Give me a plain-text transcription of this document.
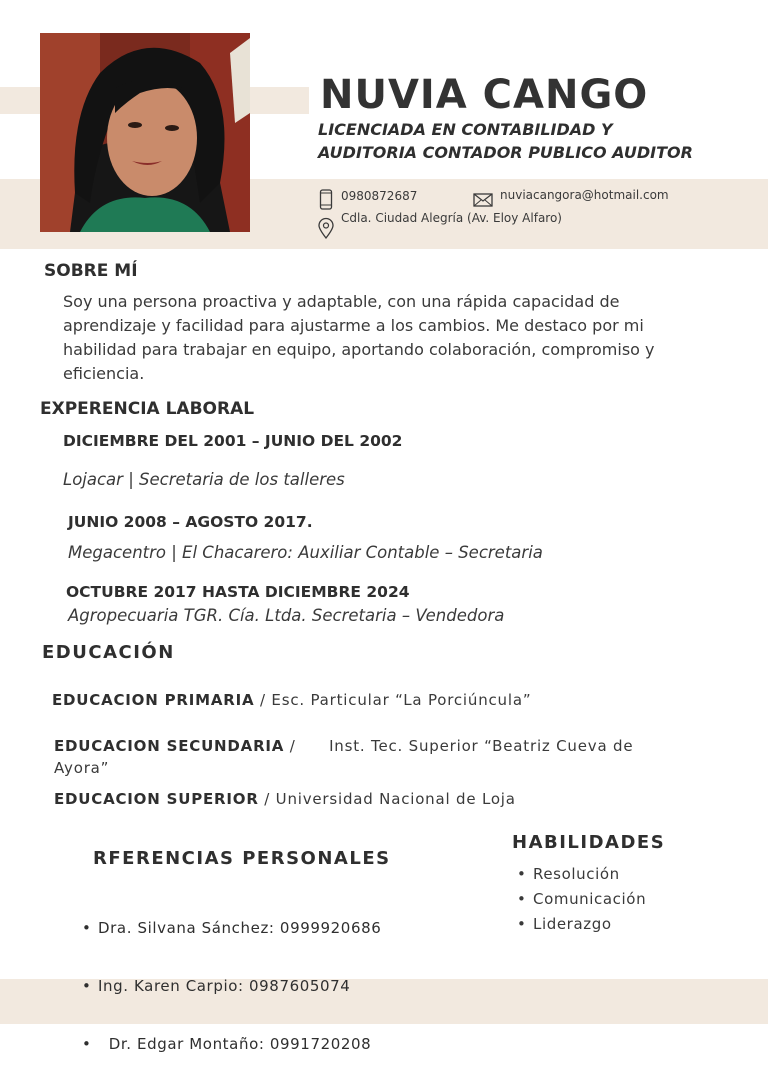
NUVIA CANGO
LICENCIADA EN CONTABILIDAD Y
AUDITORIA CONTADOR PUBLICO AUDITOR
0980872687	nuviacangora@hotmail.com
Cdla. Ciudad Alegría (Av. Eloy Alfaro)
SOBRE MÍ
Soy una persona proactiva y adaptable, con una rápida capacidad de aprendizaje y facilidad para ajustarme a los cambios. Me destaco por mi habilidad para trabajar en equipo, aportando colaboración, compromiso y eficiencia.
EXPERENCIA LABORAL
DICIEMBRE DEL 2001 – JUNIO DEL 2002
Lojacar | Secretaria de los talleres
JUNIO 2008 – AGOSTO 2017.
Megacentro | El Chacarero: Auxiliar Contable – Secretaria
OCTUBRE 2017 HASTA DICIEMBRE 2024
Agropecuaria TGR. Cía. Ltda. Secretaria – Vendedora
EDUCACIÓN
EDUCACION PRIMARIA / Esc. Particular “La Porciúncula”
EDUCACION SECUNDARIA /      Inst. Tec. Superior “Beatriz Cueva de Ayora”
EDUCACION SUPERIOR / Universidad Nacional de Loja
RFERENCIAS PERSONALES

• Dra. Silvana Sánchez: 0999920686

• Ing. Karen Carpio: 0987605074

•   Dr. Edgar Montaño: 0991720208

HABILIDADES
• Resolución
• Comunicación
• Liderazgo
